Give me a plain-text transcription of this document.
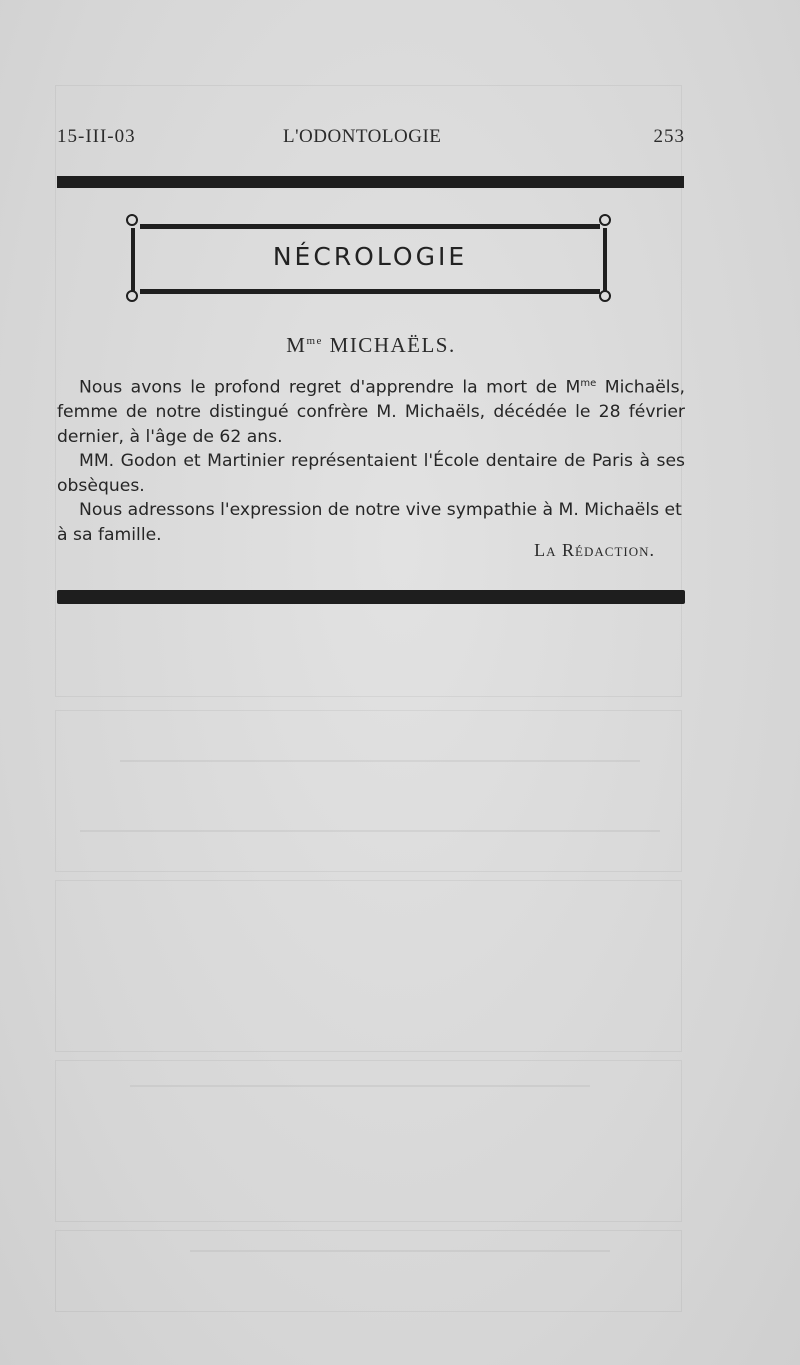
15-III-03	L'ODONTOLOGIE	253
NÉCROLOGIE
$M^{me}$ MICHAËLS.

Nous avons le profond regret d'apprendre la mort de $M^{me}$ Michaëls, femme de notre distingué confrère M. Michaëls, décédée le 28 février dernier, à l'âge de 62 ans.

MM. Godon et Martinier représentaient l'École dentaire de Paris à ses obsèques.

Nous adressons l'expression de notre vive sympathie à M. Michaëls et à sa famille.

La Rédaction.
